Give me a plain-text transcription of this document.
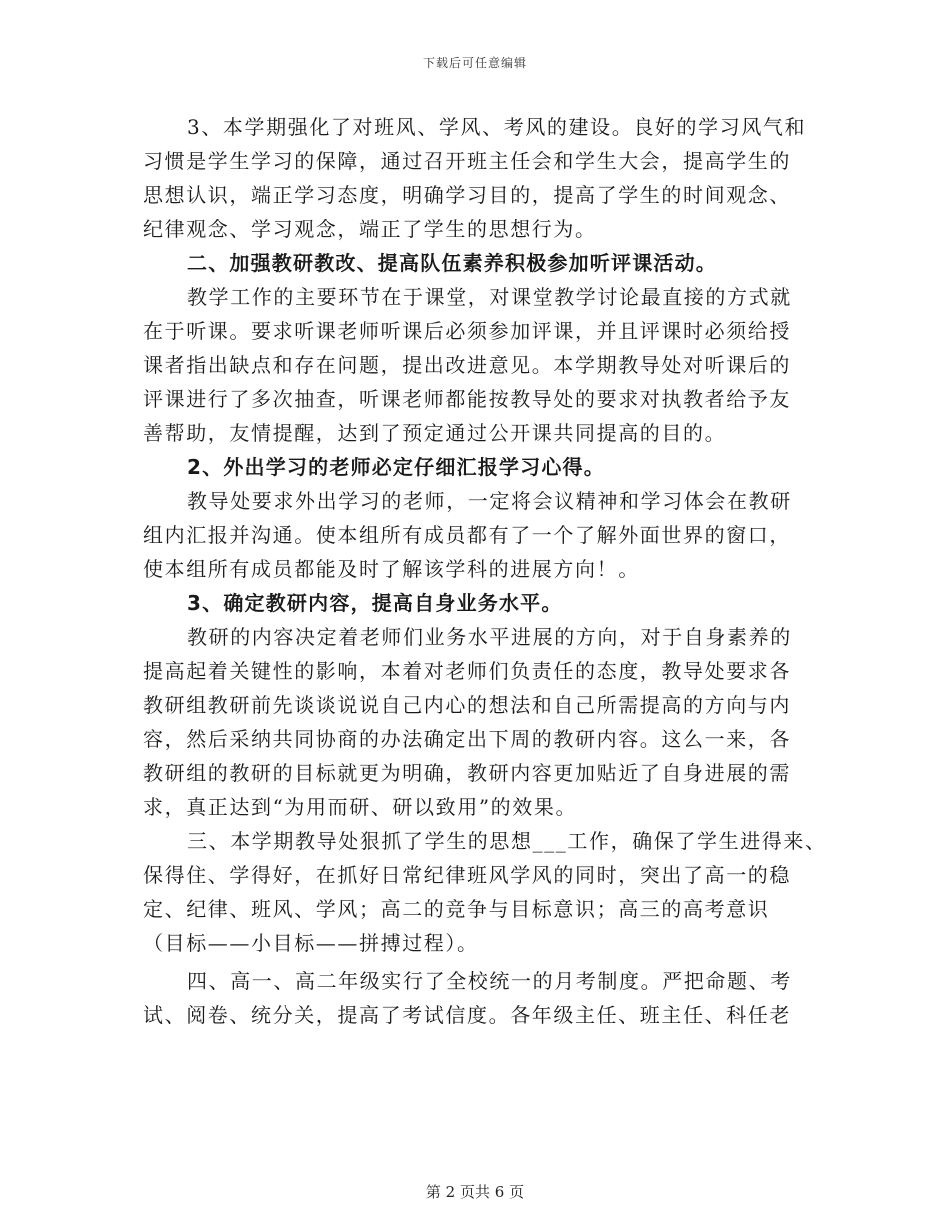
下载后可任意编辑
3、本学期强化了对班风、学风、考风的建设。良好的学习风气和
习惯是学生学习的保障，通过召开班主任会和学生大会，提高学生的
思想认识，端正学习态度，明确学习目的，提高了学生的时间观念、
纪律观念、学习观念，端正了学生的思想行为。
二、加强教研教改、提高队伍素养积极参加听评课活动。
教学工作的主要环节在于课堂，对课堂教学讨论最直接的方式就
在于听课。要求听课老师听课后必须参加评课，并且评课时必须给授
课者指出缺点和存在问题，提出改进意见。本学期教导处对听课后的
评课进行了多次抽查，听课老师都能按教导处的要求对执教者给予友
善帮助，友情提醒，达到了预定通过公开课共同提高的目的。
2、外出学习的老师必定仔细汇报学习心得。
教导处要求外出学习的老师，一定将会议精神和学习体会在教研
组内汇报并沟通。使本组所有成员都有了一个了解外面世界的窗口，
使本组所有成员都能及时了解该学科的进展方向！。
3、确定教研内容，提高自身业务水平。
教研的内容决定着老师们业务水平进展的方向，对于自身素养的
提高起着关键性的影响，本着对老师们负责任的态度，教导处要求各
教研组教研前先谈谈说说自己内心的想法和自己所需提高的方向与内
容，然后采纳共同协商的办法确定出下周的教研内容。这么一来，各
教研组的教研的目标就更为明确，教研内容更加贴近了自身进展的需
求，真正达到“为用而研、研以致用”的效果。
三、本学期教导处狠抓了学生的思想___工作，确保了学生进得来、
保得住、学得好，在抓好日常纪律班风学风的同时，突出了高一的稳
定、纪律、班风、学风；高二的竞争与目标意识；高三的高考意识
（目标——小目标——拼搏过程）。
四、高一、高二年级实行了全校统一的月考制度。严把命题、考
试、阅卷、统分关，提高了考试信度。各年级主任、班主任、科任老
第 2 页共 6 页
